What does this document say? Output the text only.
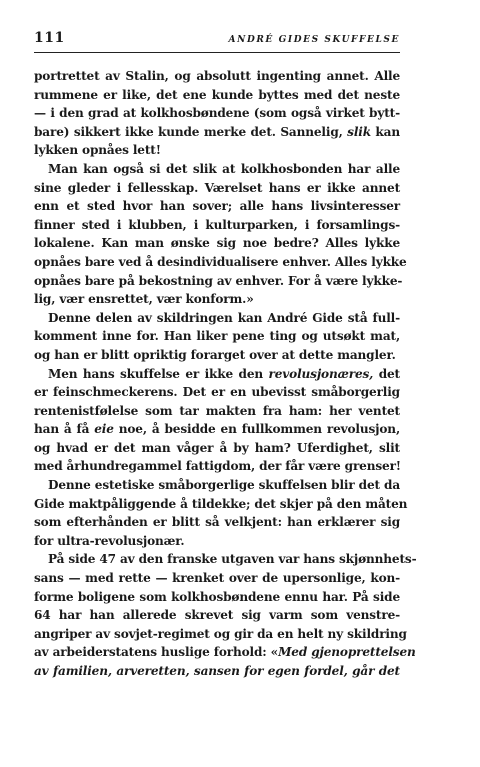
111	ANDRÉ GIDES SKUFFELSE
portrettet av Stalin, og absolutt ingenting annet. Alle
rummene er like, det ene kunde byttes med det neste
— i den grad at kolkhosbøndene (som også virket bytt-
bare) sikkert ikke kunde merke det. Sannelig, slik kan
lykken opnåes lett!
Man kan også si det slik at kolkhosbonden har alle
sine gleder i fellesskap. Værelset hans er ikke annet
enn et sted hvor han sover; alle hans livsinteresser
finner sted i klubben, i kulturparken, i forsamlings-
lokalene. Kan man ønske sig noe bedre? Alles lykke
opnåes bare ved å desindividualisere enhver. Alles lykke
opnåes bare på bekostning av enhver. For å være lykke-
lig, vær ensrettet, vær konform.»
Denne delen av skildringen kan André Gide stå full-
komment inne for. Han liker pene ting og utsøkt mat,
og han er blitt opriktig forarget over at dette mangler.
Men hans skuffelse er ikke den revolusjonæres, det
er feinschmeckerens. Det er en ubevisst småborgerlig
rentenistfølelse som tar makten fra ham: her ventet
han å få eie noe, å besidde en fullkommen revolusjon,
og hvad er det man våger å by ham? Uferdighet, slit
med århundregammel fattigdom, der får være grenser!
Denne estetiske småborgerlige skuffelsen blir det da
Gide maktpåliggende å tildekke; det skjer på den måten
som efterhånden er blitt så velkjent: han erklærer sig
for ultra-revolusjonær.
På side 47 av den franske utgaven var hans skjønnhets-
sans — med rette — krenket over de upersonlige, kon-
forme boligene som kolkhosbøndene ennu har. På side
64 har han allerede skrevet sig varm som venstre-
angriper av sovjet-regimet og gir da en helt ny skildring
av arbeiderstatens huslige forhold: «Med gjenoprettelsen
av familien, arveretten, sansen for egen fordel, går det
